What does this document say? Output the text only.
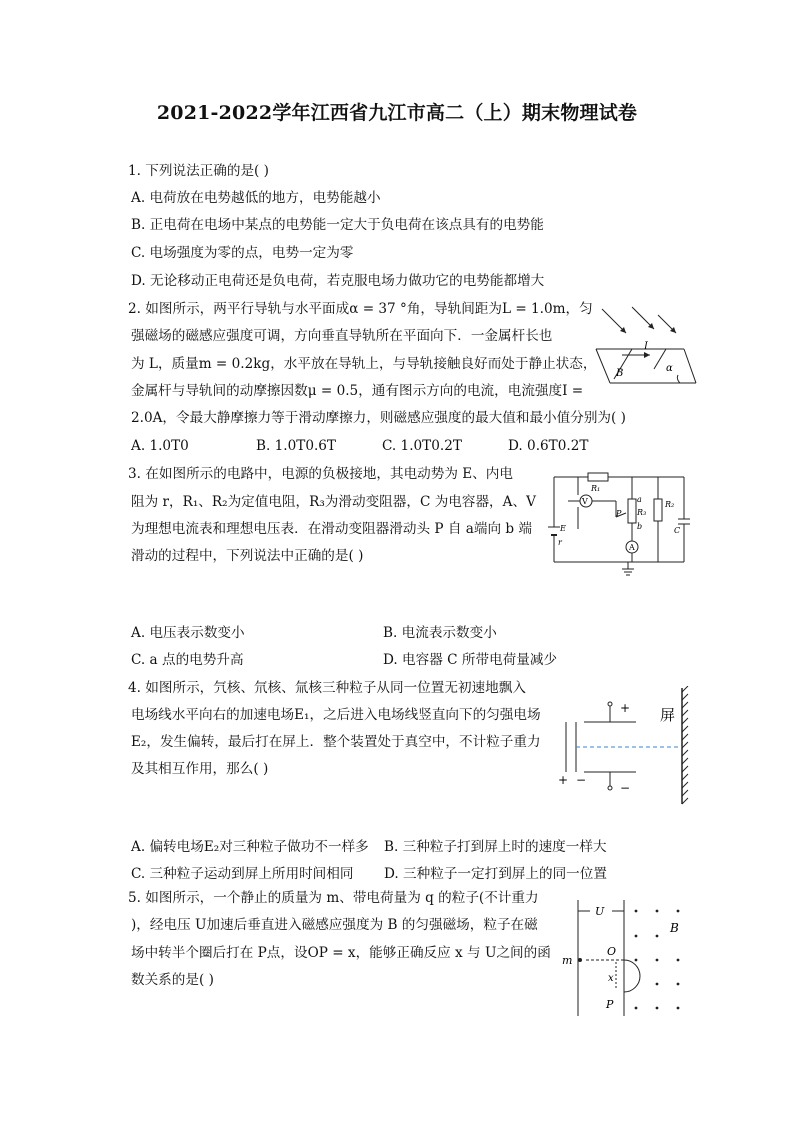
2021-2022学年江西省九江市高二（上）期末物理试卷
1. 下列说法正确的是( )
A. 电荷放在电势越低的地方，电势能越小
B. 正电荷在电场中某点的电势能一定大于负电荷在该点具有的电势能
C. 电场强度为零的点，电势一定为零
D. 无论移动正电荷还是负电荷，若克服电场力做功它的电势能都增大
2. 如图所示，两平行导轨与水平面成α = 37 °角，导轨间距为L = 1.0m，匀
强磁场的磁感应强度可调，方向垂直导轨所在平面向下．一金属杆长也
为 L，质量m = 0.2kg，水平放在导轨上，与导轨接触良好而处于静止状态，
金属杆与导轨间的动摩擦因数μ = 0.5，通有图示方向的电流，电流强度I =
2.0A，令最大静摩擦力等于滑动摩擦力，则磁感应强度的最大值和最小值分别为( )
A. 1.0T0	B. 1.0T0.6T	C. 1.0T0.2T	D. 0.6T0.2T
I
B	α
3. 在如图所示的电路中，电源的负极接地，其电动势为 E、内电
阻为 r，R₁、R₂为定值电阻，R₃为滑动变阻器，C 为电容器，A、V
为理想电流表和理想电压表．在滑动变阻器滑动头 P 自 a端向 b 端
滑动的过程中，下列说法中正确的是( )
A. 电压表示数变小	B. 电流表示数变小
C. a 点的电势升高	D. 电容器 C 所带电荷量减少
R₁
V
P
a
R₃
b
A
R₂
C
E
r
4. 如图所示，氕核、氘核、氚核三种粒子从同一位置无初速地飘入
电场线水平向右的加速电场E₁，之后进入电场线竖直向下的匀强电场
E₂，发生偏转，最后打在屏上．整个装置处于真空中，不计粒子重力
及其相互作用，那么( )
A. 偏转电场E₂对三种粒子做功不一样多 B. 三种粒子打到屏上时的速度一样大
C. 三种粒子运动到屏上所用时间相同 D. 三种粒子一定打到屏上的同一位置
+
−
+ −
屏
5. 如图所示，一个静止的质量为 m、带电荷量为 q 的粒子(不计重力
)，经电压 U加速后垂直进入磁感应强度为 B 的匀强磁场，粒子在磁
场中转半个圈后打在 P点，设OP = x，能够正确反应 x 与 U之间的函
数关系的是( )
U
B
m
O
x
P
